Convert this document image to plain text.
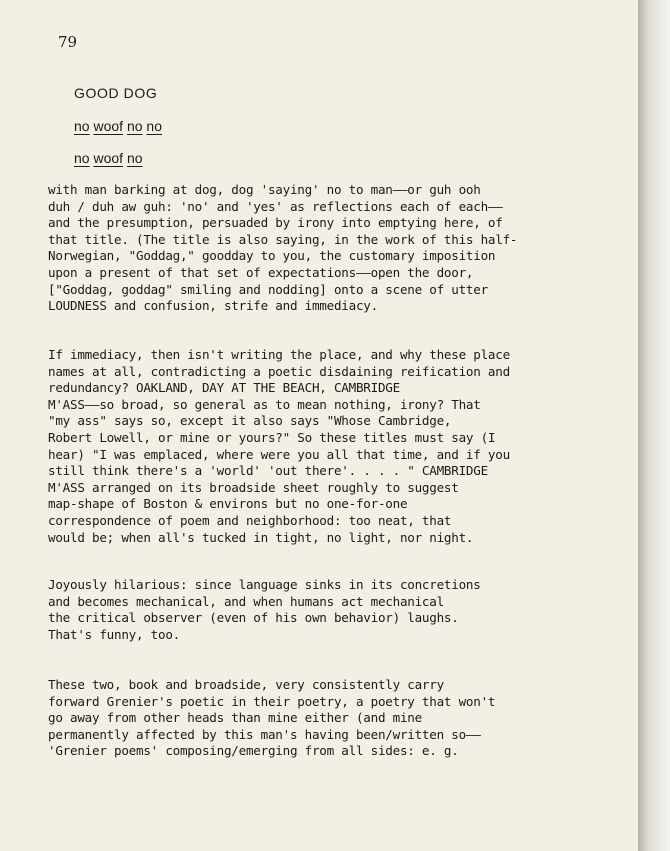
79
GOOD DOG
no woof no no
no woof no
with man barking at dog, dog 'saying' no to man——or guh ooh
duh / duh aw guh: 'no' and 'yes' as reflections each of each——
and the presumption, persuaded by irony into emptying here, of
that title. (The title is also saying, in the work of this half-
Norwegian, "Goddag," goodday to you, the customary imposition
upon a present of that set of expectations——open the door,
["Goddag, goddag" smiling and nodding] onto a scene of utter
LOUDNESS and confusion, strife and immediacy.
If immediacy, then isn't writing the place, and why these place
names at all, contradicting a poetic disdaining reification and
redundancy? OAKLAND, DAY AT THE BEACH, CAMBRIDGE
M'ASS——so broad, so general as to mean nothing, irony? That
"my ass" says so, except it also says "Whose Cambridge,
Robert Lowell, or mine or yours?" So these titles must say (I
hear) "I was emplaced, where were you all that time, and if you
still think there's a 'world' 'out there'. . . . " CAMBRIDGE
M'ASS arranged on its broadside sheet roughly to suggest
map-shape of Boston & environs but no one-for-one
correspondence of poem and neighborhood: too neat, that
would be; when all's tucked in tight, no light, nor night.
Joyously hilarious: since language sinks in its concretions
and becomes mechanical, and when humans act mechanical
the critical observer (even of his own behavior) laughs.
That's funny, too.
These two, book and broadside, very consistently carry
forward Grenier's poetic in their poetry, a poetry that won't
go away from other heads than mine either (and mine
permanently affected by this man's having been/written so——
'Grenier poems' composing/emerging from all sides: e. g.
